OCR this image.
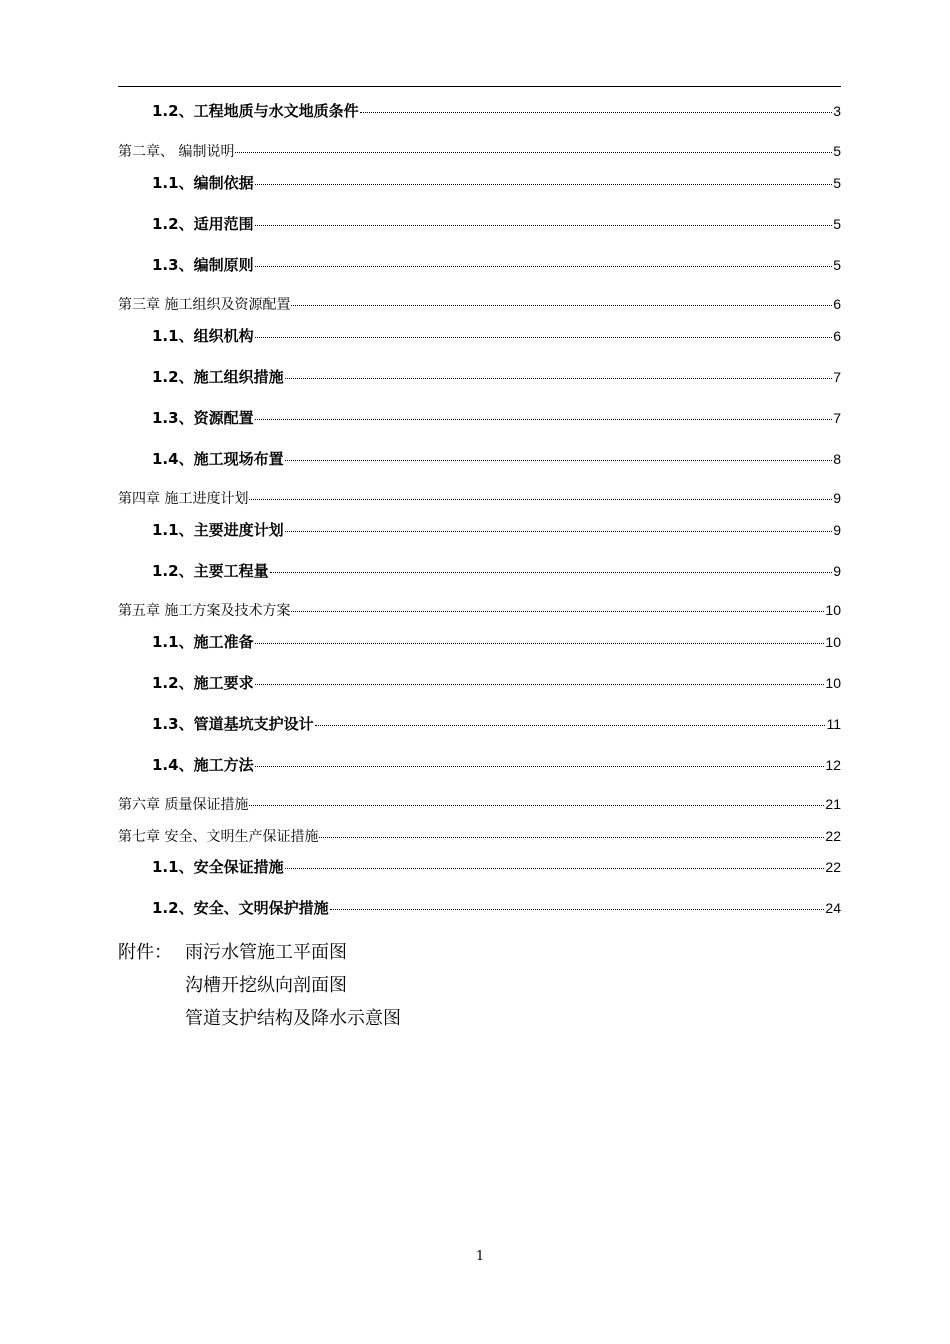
1.2、工程地质与水文地质条件	3
第二章、 编制说明	5
1.1、编制依据	5
1.2、适用范围	5
1.3、编制原则	5
第三章 施工组织及资源配置	6
1.1、组织机构	6
1.2、施工组织措施	7
1.3、资源配置	7
1.4、施工现场布置	8
第四章 施工进度计划	9
1.1、主要进度计划	9
1.2、主要工程量	9
第五章 施工方案及技术方案	10
1.1、施工准备	10
1.2、施工要求	10
1.3、管道基坑支护设计	11
1.4、施工方法	12
第六章 质量保证措施	21
第七章 安全、文明生产保证措施	22
1.1、安全保证措施	22
1.2、安全、文明保护措施	24
附件： 雨污水管施工平面图
沟槽开挖纵向剖面图
管道支护结构及降水示意图
1
